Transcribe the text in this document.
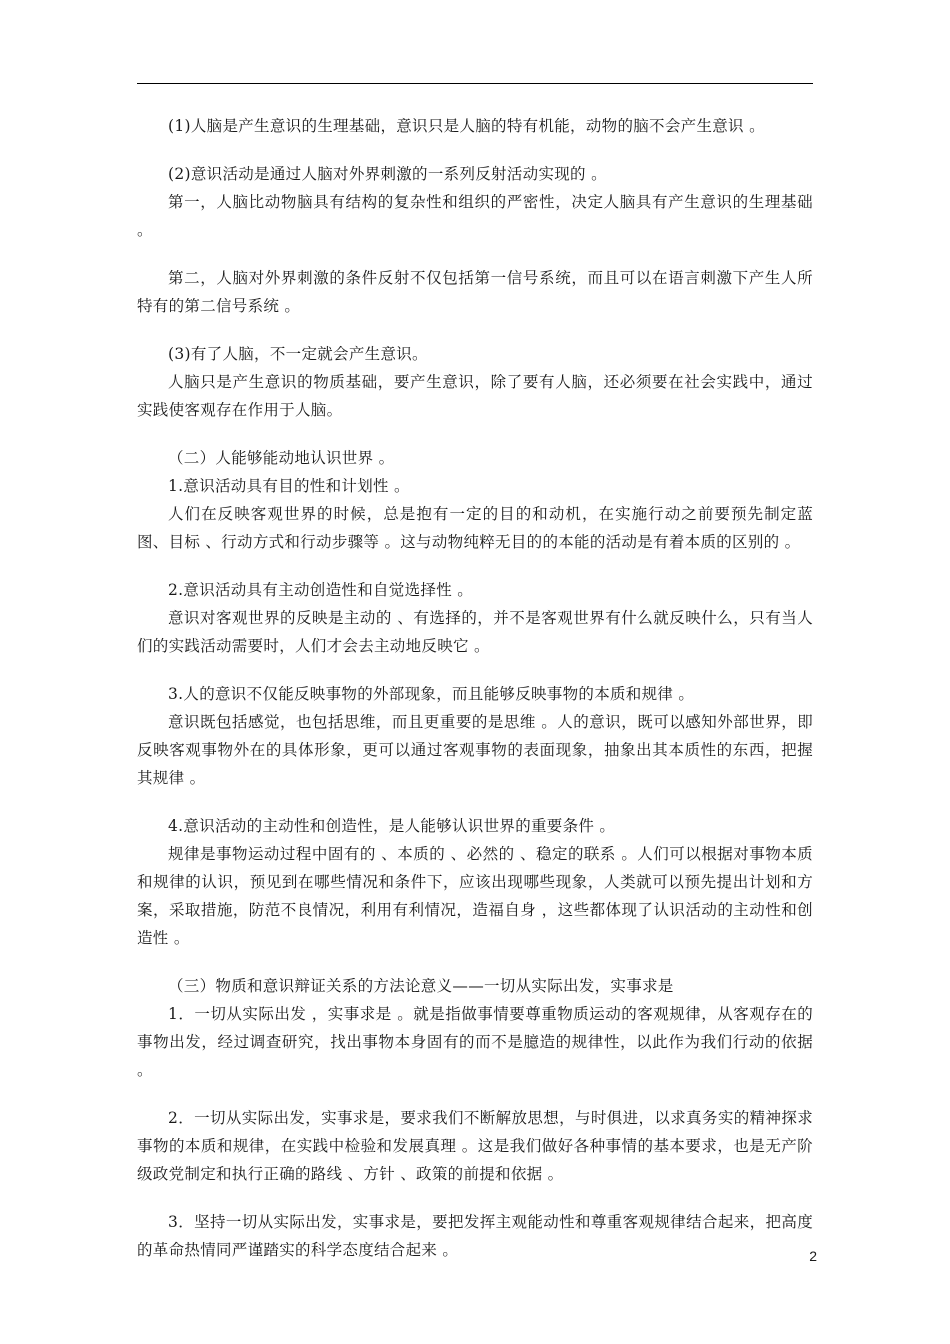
(1)人脑是产生意识的生理基础，意识只是人脑的特有机能，动物的脑不会产生意识 。

(2)意识活动是通过人脑对外界刺激的一系列反射活动实现的 。

第一，人脑比动物脑具有结构的复杂性和组织的严密性，决定人脑具有产生意识的生理基础 。

第二，人脑对外界刺激的条件反射不仅包括第一信号系统，而且可以在语言刺激下产生人所特有的第二信号系统 。

(3)有了人脑，不一定就会产生意识。

人脑只是产生意识的物质基础，要产生意识，除了要有人脑，还必须要在社会实践中，通过实践使客观存在作用于人脑。

（二）人能够能动地认识世界 。

1.意识活动具有目的性和计划性 。

人们在反映客观世界的时候，总是抱有一定的目的和动机，在实施行动之前要预先制定蓝图、目标 、行动方式和行动步骤等 。这与动物纯粹无目的的本能的活动是有着本质的区别的 。

2.意识活动具有主动创造性和自觉选择性 。

意识对客观世界的反映是主动的 、有选择的，并不是客观世界有什么就反映什么，只有当人们的实践活动需要时，人们才会去主动地反映它 。

3.人的意识不仅能反映事物的外部现象，而且能够反映事物的本质和规律 。

意识既包括感觉，也包括思维，而且更重要的是思维 。人的意识，既可以感知外部世界，即反映客观事物外在的具体形象，更可以通过客观事物的表面现象，抽象出其本质性的东西，把握其规律 。

4.意识活动的主动性和创造性，是人能够认识世界的重要条件 。

规律是事物运动过程中固有的 、本质的 、必然的 、稳定的联系 。人们可以根据对事物本质和规律的认识，预见到在哪些情况和条件下，应该出现哪些现象，人类就可以预先提出计划和方案，采取措施，防范不良情况，利用有利情况，造福自身 ，这些都体现了认识活动的主动性和创造性 。

（三）物质和意识辩证关系的方法论意义——一切从实际出发，实事求是

1．一切从实际出发 ，实事求是 。就是指做事情要尊重物质运动的客观规律，从客观存在的事物出发，经过调查研究，找出事物本身固有的而不是臆造的规律性，以此作为我们行动的依据 。

2．一切从实际出发，实事求是，要求我们不断解放思想，与时俱进，以求真务实的精神探求事物的本质和规律，在实践中检验和发展真理 。这是我们做好各种事情的基本要求，也是无产阶级政党制定和执行正确的路线 、方针 、政策的前提和依据 。

3．坚持一切从实际出发，实事求是，要把发挥主观能动性和尊重客观规律结合起来，把高度的革命热情同严谨踏实的科学态度结合起来 。	2
